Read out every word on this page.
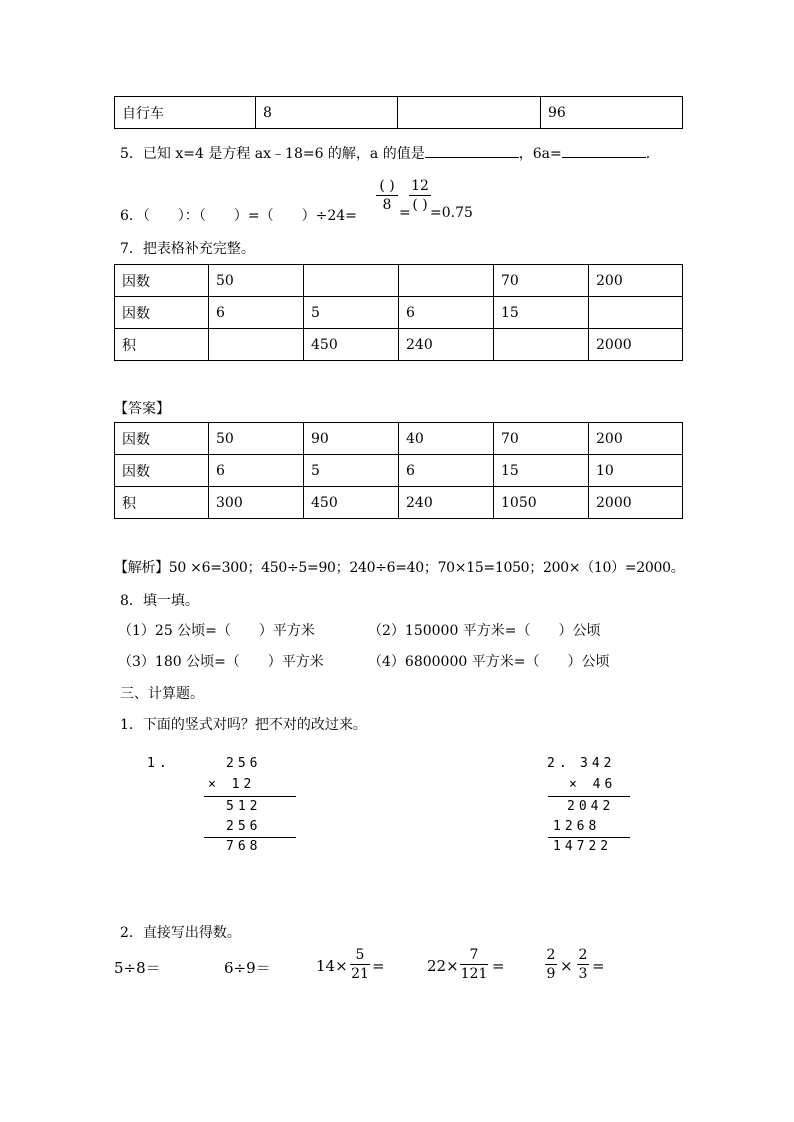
自行车	8		96
5．已知 x=4 是方程 ax﹣18=6 的解，a 的值是	，6a=	.
6．（　　）：（　　）=（　　）÷24=
( )
8 =
12
( ) =0.75
7．把表格补充完整。
因数	50			70	200
因数	6	5	6	15	
积		450	240		2000
【答案】
因数	50	90	40	70	200
因数	6	5	6	15	10
积	300	450	240	1050	2000
【解析】50 ×6=300；450÷5=90；240÷6=40；70×15=1050；200×（10）=2000。
8．填一填。
（1）25 公顷=（　　）平方米	（2）150000 平方米=（　　）公顷
（3）180 公顷=（　　）平方米	（4）6800000 平方米=（　　）公顷
三、计算题。
1．下面的竖式对吗？把不对的改过来。
1.	256
× 12
512
256
768
2. 342
× 46
2042
1268
14722
2．直接写出得数。
5÷8＝	6÷9＝	14×
5
21 =	22×
7
121 =
2
9 ×
2
3 =
